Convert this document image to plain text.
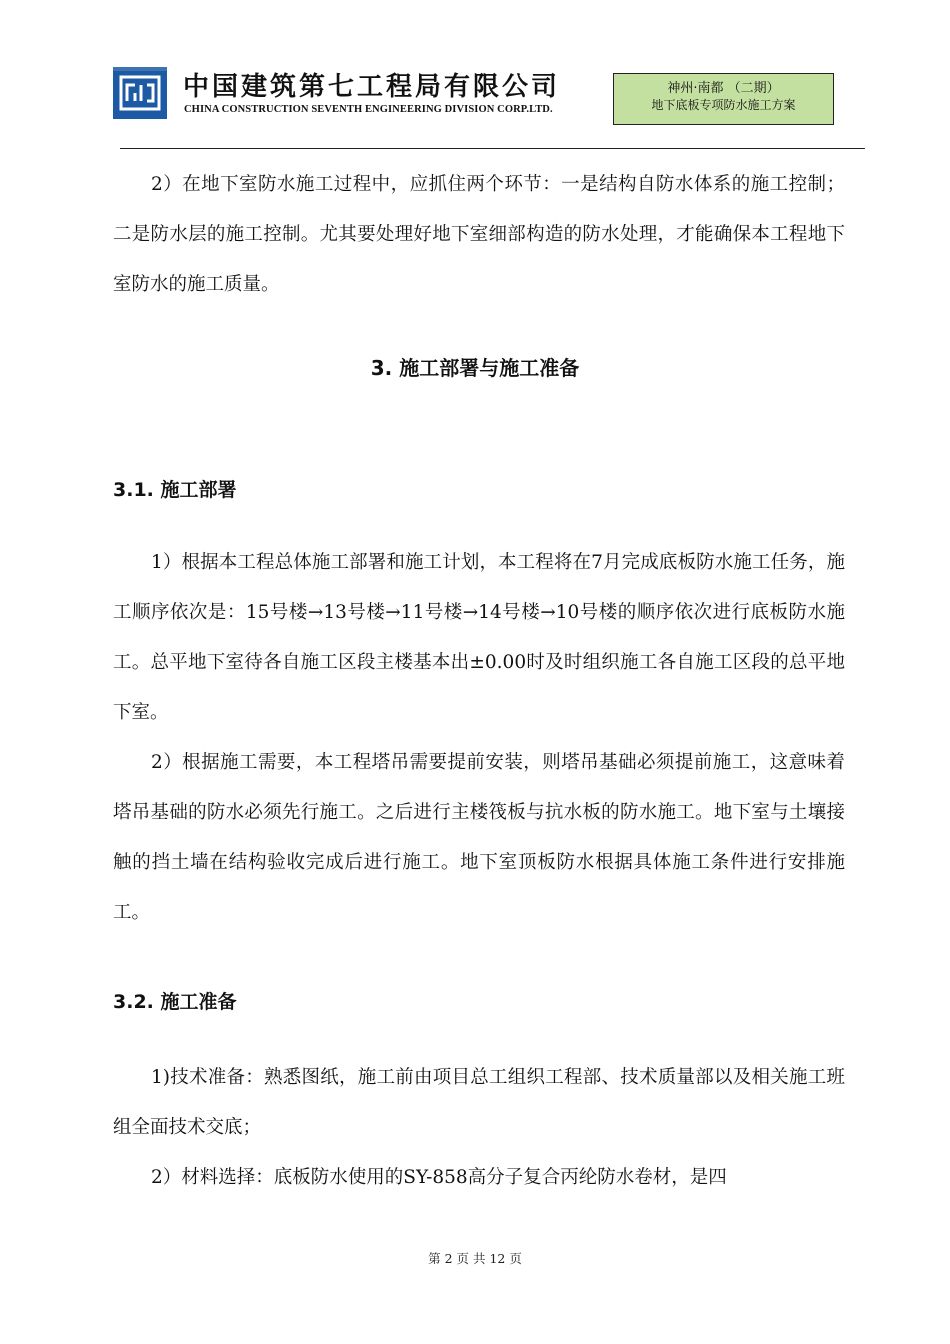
中国建筑第七工程局有限公司
CHINA CONSTRUCTION SEVENTH ENGINEERING DIVISION CORP.LTD.
神州·南都 （二期）
地下底板专项防水施工方案

2）在地下室防水施工过程中，应抓住两个环节：一是结构自防水体系的施工控制；二是防水层的施工控制。尤其要处理好地下室细部构造的防水处理，才能确保本工程地下室防水的施工质量。

3. 施工部署与施工准备
3.1. 施工部署

1）根据本工程总体施工部署和施工计划，本工程将在7月完成底板防水施工任务，施工顺序依次是：15号楼→13号楼→11号楼→14号楼→10号楼的顺序依次进行底板防水施工。总平地下室待各自施工区段主楼基本出±0.00时及时组织施工各自施工区段的总平地下室。

2）根据施工需要，本工程塔吊需要提前安装，则塔吊基础必须提前施工，这意味着塔吊基础的防水必须先行施工。之后进行主楼筏板与抗水板的防水施工。地下室与土壤接触的挡土墙在结构验收完成后进行施工。地下室顶板防水根据具体施工条件进行安排施工。

3.2. 施工准备

1)技术准备：熟悉图纸，施工前由项目总工组织工程部、技术质量部以及相关施工班组全面技术交底；

2）材料选择：底板防水使用的SY-858高分子复合丙纶防水卷材，是四

第 2 页 共 12 页
